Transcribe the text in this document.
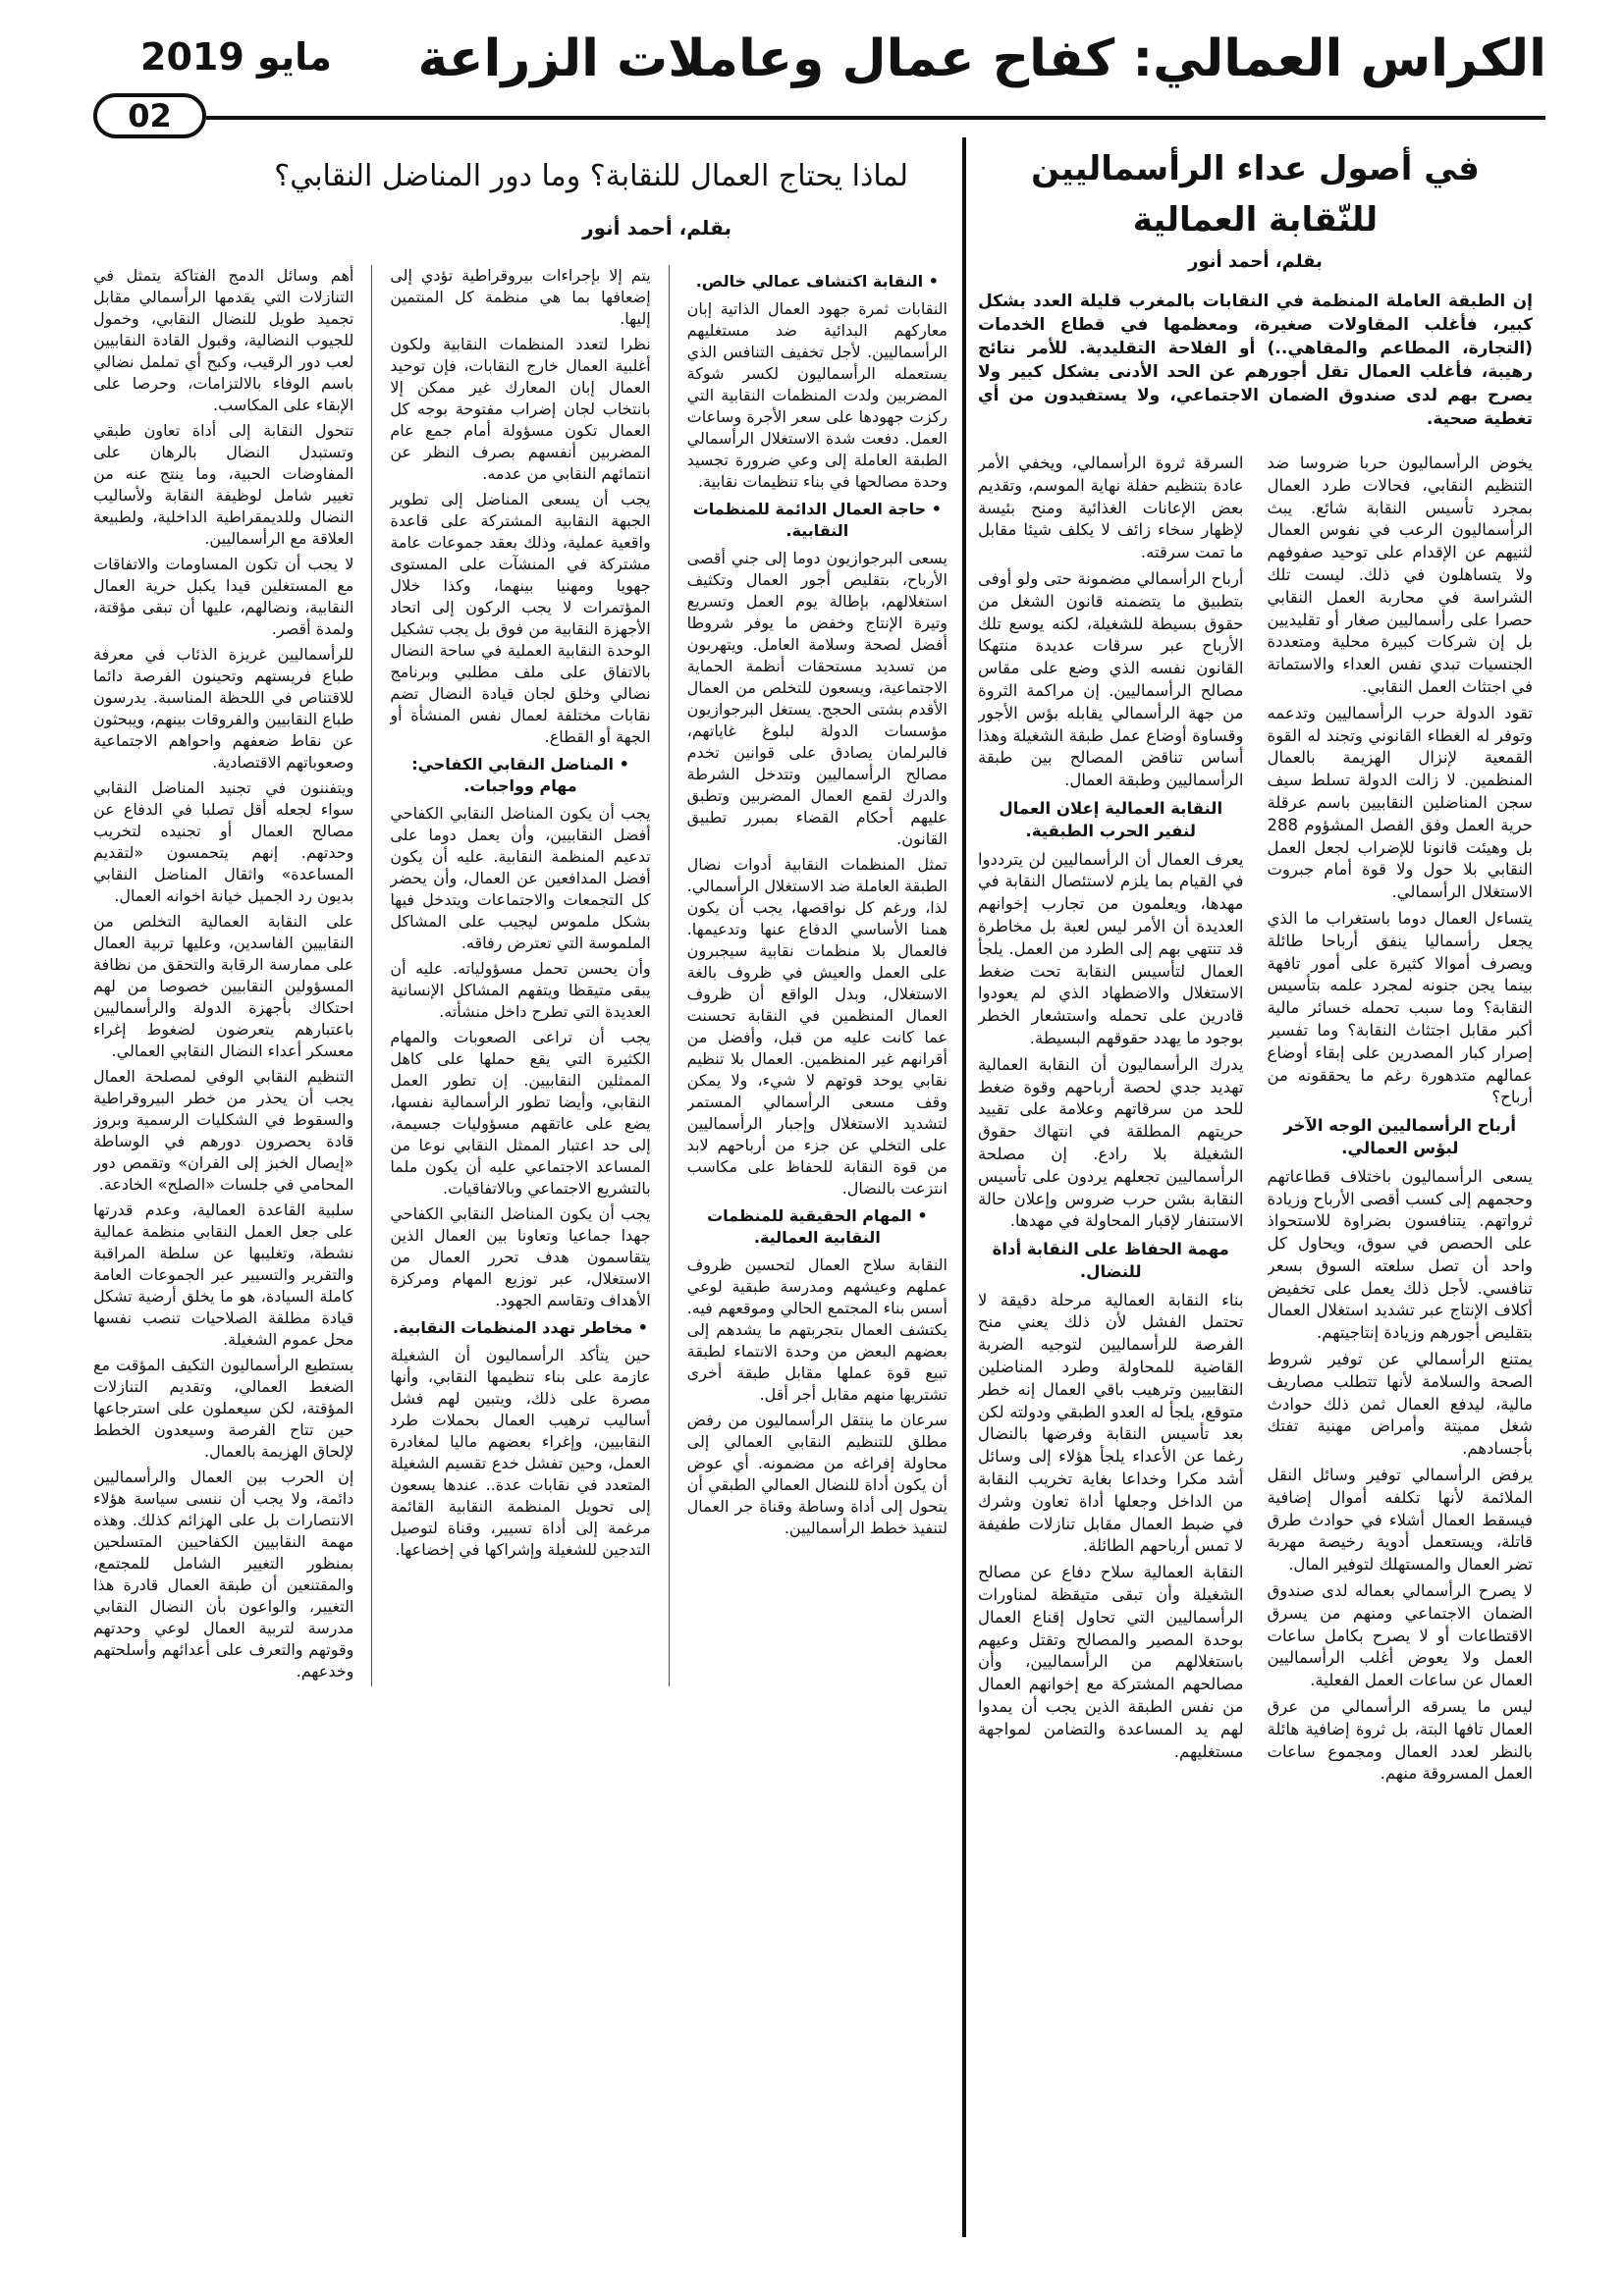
الكراس العمالي: كفاح عمال وعاملات الزراعة
مايو 2019
02
في أصول عداء الرأسماليين للنّقابة العمالية
بقلم، أحمد أنور
إن الطبقة العاملة المنظمة في النقابات بالمغرب قليلة العدد بشكل كبير، فأغلب المقاولات صغيرة، ومعظمها في قطاع الخدمات (التجارة، المطاعم والمقاهي..) أو الفلاحة التقليدية. للأمر نتائج رهيبة، فأغلب العمال تقل أجورهم عن الحد الأدنى بشكل كبير ولا يصرح بهم لدى صندوق الضمان الاجتماعي، ولا يستفيدون من أي تغطية صحية.

يخوض الرأسماليون حربا ضروسا ضد التنظيم النقابي، فحالات طرد العمال بمجرد تأسيس النقابة شائع. يبث الرأسماليون الرعب في نفوس العمال لثنيهم عن الإقدام على توحيد صفوفهم ولا يتساهلون في ذلك. ليست تلك الشراسة في محاربة العمل النقابي حصرا على رأسماليين صغار أو تقليديين بل إن شركات كبيرة محلية ومتعددة الجنسيات تبدي نفس العداء والاستماتة في اجتثاث العمل النقابي.

تقود الدولة حرب الرأسماليين وتدعمه وتوفر له الغطاء القانوني وتجند له القوة القمعية لإنزال الهزيمة بالعمال المنظمين. لا زالت الدولة تسلط سيف سجن المناضلين النقابيين باسم عرقلة حرية العمل وفق الفصل المشؤوم 288 بل وهيئت قانونا للإضراب لجعل العمل النقابي بلا حول ولا قوة أمام جبروت الاستغلال الرأسمالي.

يتساءل العمال دوما باستغراب ما الذي يجعل رأسماليا ينفق أرباحا طائلة ويصرف أموالا كثيرة على أمور تافهة بينما يجن جنونه لمجرد علمه بتأسيس النقابة؟ وما سبب تحمله خسائر مالية أكبر مقابل اجتثاث النقابة؟ وما تفسير إصرار كبار المصدرين على إبقاء أوضاع عمالهم متدهورة رغم ما يحققونه من أرباح؟

أرباح الرأسماليين الوجه الآخر لبؤس العمالي.

يسعى الرأسماليون باختلاف قطاعاتهم وحجمهم إلى كسب أقصى الأرباح وزيادة ثرواتهم. يتنافسون بضراوة للاستحواذ على الحصص في سوق، ويحاول كل واحد أن تصل سلعته السوق بسعر تنافسي. لأجل ذلك يعمل على تخفيض أكلاف الإنتاج عبر تشديد استغلال العمال بتقليص أجورهم وزيادة إنتاجيتهم.

يمتنع الرأسمالي عن توفير شروط الصحة والسلامة لأنها تتطلب مصاريف مالية، ليدفع العمال ثمن ذلك حوادث شغل مميتة وأمراض مهنية تفتك بأجسادهم.

يرفض الرأسمالي توفير وسائل النقل الملائمة لأنها تكلفه أموال إضافية فيسقط العمال أشلاء في حوادث طرق قاتلة، ويستعمل أدوية رخيصة مهربة تضر العمال والمستهلك لتوفير المال.

لا يصرح الرأسمالي بعماله لدى صندوق الضمان الاجتماعي ومنهم من يسرق الاقتطاعات أو لا يصرح بكامل ساعات العمل ولا يعوض أغلب الرأسماليين العمال عن ساعات العمل الفعلية.

ليس ما يسرقه الرأسمالي من عرق العمال تافها البتة، بل ثروة إضافية هائلة بالنظر لعدد العمال ومجموع ساعات العمل المسروقة منهم.

السرقة ثروة الرأسمالي، ويخفي الأمر عادة بتنظيم حفلة نهاية الموسم، وتقديم بعض الإعانات الغذائية ومنح بئيسة لإظهار سخاء زائف لا يكلف شيئا مقابل ما تمت سرقته.

أرباح الرأسمالي مضمونة حتى ولو أوفى بتطبيق ما يتضمنه قانون الشغل من حقوق بسيطة للشغيلة، لكنه يوسع تلك الأرباح عبر سرقات عديدة منتهكا القانون نفسه الذي وضع على مقاس مصالح الرأسماليين. إن مراكمة الثروة من جهة الرأسمالي يقابله بؤس الأجور وقساوة أوضاع عمل طبقة الشغيلة وهذا أساس تناقض المصالح بين طبقة الرأسماليين وطبقة العمال.

النقابة العمالية إعلان العمال لنفير الحرب الطبقية.

يعرف العمال أن الرأسماليين لن يترددوا في القيام بما يلزم لاستئصال النقابة في مهدها، ويعلمون من تجارب إخوانهم العديدة أن الأمر ليس لعبة بل مخاطرة قد تنتهي بهم إلى الطرد من العمل. يلجأ العمال لتأسيس النقابة تحت ضغط الاستغلال والاضطهاد الذي لم يعودوا قادرين على تحمله واستشعار الخطر بوجود ما يهدد حقوقهم البسيطة.

يدرك الرأسماليون أن النقابة العمالية تهديد جدي لحصة أرباحهم وقوة ضغط للحد من سرقاتهم وعلامة على تقييد حريتهم المطلقة في انتهاك حقوق الشغيلة بلا رادع. إن مصلحة الرأسماليين تجعلهم يردون على تأسيس النقابة بشن حرب ضروس وإعلان حالة الاستنفار لإقبار المحاولة في مهدها.

مهمة الحفاظ على النقابة أداة للنضال.

بناء النقابة العمالية مرحلة دقيقة لا تحتمل الفشل لأن ذلك يعني منح الفرصة للرأسماليين لتوجيه الضربة القاضية للمحاولة وطرد المناضلين النقابيين وترهيب باقي العمال إنه خطر متوقع، يلجأ له العدو الطبقي ودولته لكن بعد تأسيس النقابة وفرضها بالنضال رغما عن الأعداء يلجأ هؤلاء إلى وسائل أشد مكرا وخداعا بغاية تخريب النقابة من الداخل وجعلها أداة تعاون وشرك في ضبط العمال مقابل تنازلات طفيفة لا تمس أرباحهم الطائلة.

النقابة العمالية سلاح دفاع عن مصالح الشغيلة وأن تبقى متيقظة لمناورات الرأسماليين التي تحاول إقناع العمال بوحدة المصير والمصالح وتقتل وعيهم باستغلالهم من الرأسماليين، وأن مصالحهم المشتركة مع إخوانهم العمال من نفس الطبقة الذين يجب أن يمدوا لهم يد المساعدة والتضامن لمواجهة مستغليهم.

لماذا يحتاج العمال للنقابة؟ وما دور المناضل النقابي؟
بقلم، أحمد أنور

• النقابة اكتشاف عمالي خالص.

النقابات ثمرة جهود العمال الذاتية إبان معاركهم البدائية ضد مستغليهم الرأسماليين. لأجل تخفيف التنافس الذي يستعمله الرأسماليون لكسر شوكة المضربين ولدت المنظمات النقابية التي ركزت جهودها على سعر الأجرة وساعات العمل. دفعت شدة الاستغلال الرأسمالي الطبقة العاملة إلى وعي ضرورة تجسيد وحدة مصالحها في بناء تنظيمات نقابية.

• حاجة العمال الدائمة للمنظمات النقابية.

يسعى البرجوازيون دوما إلى جني أقصى الأرباح، بتقليص أجور العمال وتكثيف استغلالهم، بإطالة يوم العمل وتسريع وتيرة الإنتاج وخفض ما يوفر شروطا أفضل لصحة وسلامة العامل. ويتهربون من تسديد مستحقات أنظمة الحماية الاجتماعية، ويسعون للتخلص من العمال الأقدم بشتى الحجج. يستغل البرجوازيون مؤسسات الدولة لبلوغ غاياتهم، فالبرلمان يصادق على قوانين تخدم مصالح الرأسماليين وتتدخل الشرطة والدرك لقمع العمال المضربين وتطبق عليهم أحكام القضاء بمبرر تطبيق القانون.

تمثل المنظمات النقابية أدوات نضال الطبقة العاملة ضد الاستغلال الرأسمالي. لذا، ورغم كل نواقصها، يجب أن يكون همنا الأساسي الدفاع عنها وتدعيمها. فالعمال بلا منظمات نقابية سيجبرون على العمل والعيش في ظروف بالغة الاستغلال، وبدل الواقع أن ظروف العمال المنظمين في النقابة تحسنت عما كانت عليه من قبل، وأفضل من أقرانهم غير المنظمين. العمال بلا تنظيم نقابي يوحد قوتهم لا شيء، ولا يمكن وقف مسعى الرأسمالي المستمر لتشديد الاستغلال وإجبار الرأسماليين على التخلي عن جزء من أرباحهم لابد من قوة النقابة للحفاظ على مكاسب انتزعت بالنضال.

• المهام الحقيقية للمنظمات النقابية العمالية.

النقابة سلاح العمال لتحسين ظروف عملهم وعيشهم ومدرسة طبقية لوعي أسس بناء المجتمع الحالي وموقعهم فيه. يكتشف العمال بتجربتهم ما يشدهم إلى بعضهم البعض من وحدة الانتماء لطبقة تبيع قوة عملها مقابل طبقة أخرى تشتريها منهم مقابل أجر أقل.

سرعان ما ينتقل الرأسماليون من رفض مطلق للتنظيم النقابي العمالي إلى محاولة إفراغه من مضمونه. أي عوض أن يكون أداة للنضال العمالي الطبقي أن يتحول إلى أداة وساطة وقناة جر العمال لتنفيذ خطط الرأسماليين.

يتم إلا بإجراءات بيروقراطية تؤدي إلى إضعافها بما هي منظمة كل المنتمين إليها.

نظرا لتعدد المنظمات النقابية ولكون أغلبية العمال خارج النقابات، فإن توحيد العمال إبان المعارك غير ممكن إلا بانتخاب لجان إضراب مفتوحة بوجه كل العمال تكون مسؤولة أمام جمع عام المضربين أنفسهم بصرف النظر عن انتمائهم النقابي من عدمه.

يجب أن يسعى المناضل إلى تطوير الجبهة النقابية المشتركة على قاعدة واقعية عملية، وذلك بعقد جموعات عامة مشتركة في المنشآت على المستوى جهويا ومهنيا بينهما، وكذا خلال المؤتمرات لا يجب الركون إلى اتحاد الأجهزة النقابية من فوق بل يجب تشكيل الوحدة النقابية العملية في ساحة النضال بالاتفاق على ملف مطلبي وبرنامج نضالي وخلق لجان قيادة النضال تضم نقابات مختلفة لعمال نفس المنشأة أو الجهة أو القطاع.

• المناضل النقابي الكفاحي: مهام وواجبات.

يجب أن يكون المناضل النقابي الكفاحي أفضل النقابيين، وأن يعمل دوما على تدعيم المنظمة النقابية. عليه أن يكون أفضل المدافعين عن العمال، وأن يحضر كل التجمعات والاجتماعات ويتدخل فيها بشكل ملموس ليجيب على المشاكل الملموسة التي تعترض رفاقه.

وأن يحسن تحمل مسؤولياته. عليه أن يبقى متيقظا ويتفهم المشاكل الإنسانية العديدة التي تطرح داخل منشأته.

يجب أن تراعى الصعوبات والمهام الكثيرة التي يقع حملها على كاهل الممثلين النقابيين. إن تطور العمل النقابي، وأيضا تطور الرأسمالية نفسها، يضع على عاتقهم مسؤوليات جسيمة، إلى حد اعتبار الممثل النقابي نوعا من المساعد الاجتماعي عليه أن يكون ملما بالتشريع الاجتماعي وبالاتفاقيات.

يجب أن يكون المناضل النقابي الكفاحي جهدا جماعيا وتعاونا بين العمال الذين يتقاسمون هدف تحرر العمال من الاستغلال، عبر توزيع المهام ومركزة الأهداف وتقاسم الجهود.

• مخاطر تهدد المنظمات النقابية.

حين يتأكد الرأسماليون أن الشغيلة عازمة على بناء تنظيمها النقابي، وأنها مصرة على ذلك، ويتبين لهم فشل أساليب ترهيب العمال بحملات طرد النقابيين، وإغراء بعضهم ماليا لمغادرة العمل، وحين تفشل خدع تقسيم الشغيلة المتعدد في نقابات عدة.. عندها يسعون إلى تحويل المنظمة النقابية القائمة مرغمة إلى أداة تسيير، وقناة لتوصيل التدجين للشغيلة وإشراكها في إخضاعها.

أهم وسائل الدمج الفتاكة يتمثل في التنازلات التي يقدمها الرأسمالي مقابل تجميد طويل للنضال النقابي، وخمول للجيوب النضالية، وقبول القادة النقابيين لعب دور الرقيب، وكبح أي تململ نضالي باسم الوفاء بالالتزامات، وحرصا على الإبقاء على المكاسب.

تتحول النقابة إلى أداة تعاون طبقي وتستبدل النضال بالرهان على المفاوضات الحبية، وما ينتج عنه من تغيير شامل لوظيفة النقابة ولأساليب النضال وللديمقراطية الداخلية، ولطبيعة العلاقة مع الرأسماليين.

لا يجب أن تكون المساومات والاتفاقات مع المستغلين قيدا يكبل حرية العمال النقابية، ونضالهم، عليها أن تبقى مؤقتة، ولمدة أقصر.

للرأسماليين غريزة الذئاب في معرفة طباع فريستهم وتحينون الفرصة دائما للاقتناص في اللحظة المناسبة. يدرسون طباع النقابيين والفروقات بينهم، ويبحثون عن نقاط ضعفهم واحواهم الاجتماعية وصعوباتهم الاقتصادية.

ويتفننون في تجنيد المناضل النقابي سواء لجعله أقل تصلبا في الدفاع عن مصالح العمال أو تجنيده لتخريب وحدتهم. إنهم يتحمسون «لتقديم المساعدة» واثقال المناضل النقابي بديون رد الجميل خيانة اخوانه العمال.

على النقابة العمالية التخلص من النقابيين الفاسدين، وعليها تربية العمال على ممارسة الرقابة والتحقق من نظافة المسؤولين النقابيين خصوصا من لهم احتكاك بأجهزة الدولة والرأسماليين باعتبارهم يتعرضون لضغوط إغراء معسكر أعداء النضال النقابي العمالي.

التنظيم النقابي الوفي لمصلحة العمال يجب أن يحذر من خطر البيروقراطية والسقوط في الشكليات الرسمية وبروز قادة يحصرون دورهم في الوساطة «إيصال الخبز إلى الفران» وتقمص دور المحامي في جلسات «الصلح» الخادعة.

سلبية القاعدة العمالية، وعدم قدرتها على جعل العمل النقابي منظمة عمالية نشطة، وتغليبها عن سلطة المراقبة والتقرير والتسيير عبر الجموعات العامة كاملة السيادة، هو ما يخلق أرضية تشكل قيادة مطلقة الصلاحيات تنصب نفسها محل عموم الشغيلة.

يستطيع الرأسماليون التكيف المؤقت مع الضغط العمالي، وتقديم التنازلات المؤقتة، لكن سيعملون على استرجاعها حين تتاح الفرصة وسيعدون الخطط لإلحاق الهزيمة بالعمال.

إن الحرب بين العمال والرأسماليين دائمة، ولا يجب أن ننسى سياسة هؤلاء الانتصارات بل على الهزائم كذلك. وهذه مهمة النقابيين الكفاحيين المتسلحين بمنظور التغيير الشامل للمجتمع، والمقتنعين أن طبقة العمال قادرة هذا التغيير، والواعون بأن النضال النقابي مدرسة لتربية العمال لوعي وحدتهم وقوتهم والتعرف على أعدائهم وأسلحتهم وخدعهم.
